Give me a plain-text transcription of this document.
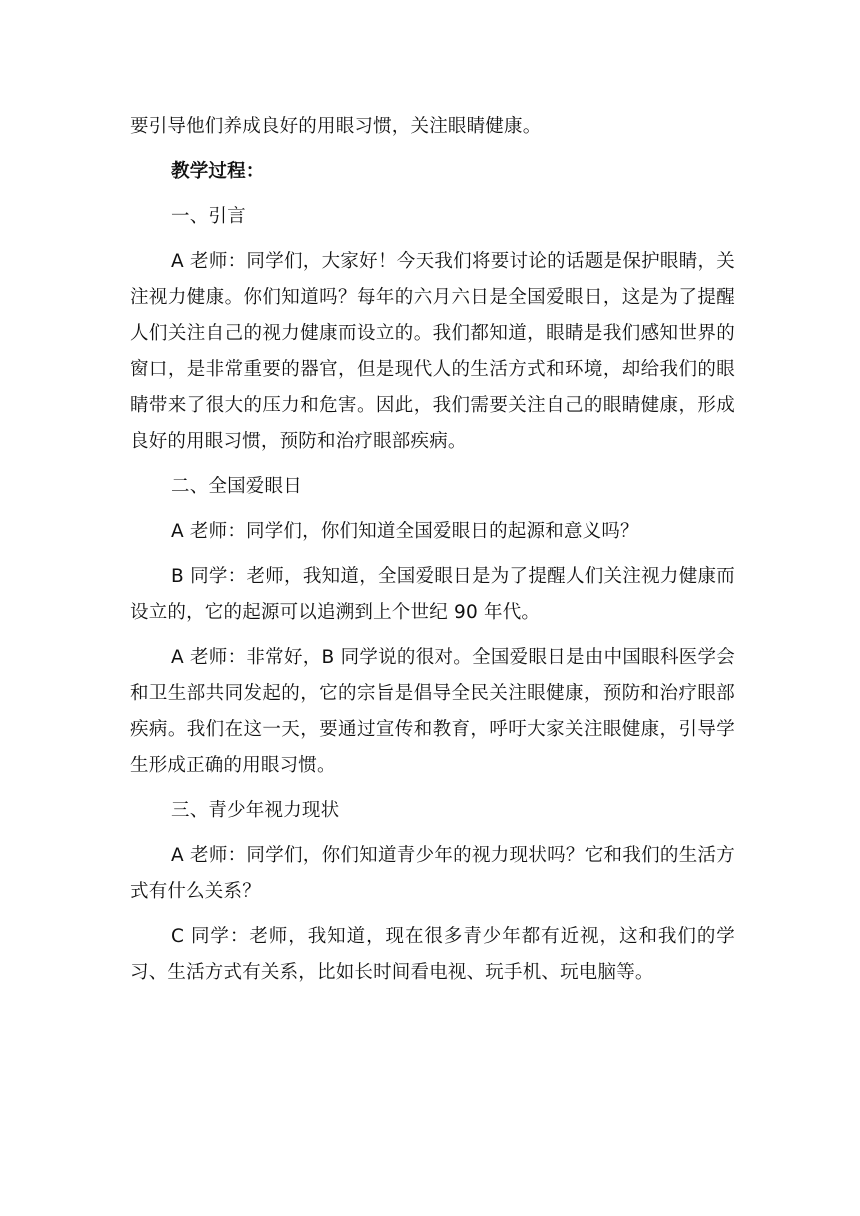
要引导他们养成良好的用眼习惯，关注眼睛健康。

教学过程：

一、引言

A 老师：同学们，大家好！今天我们将要讨论的话题是保护眼睛，关注视力健康。你们知道吗？每年的六月六日是全国爱眼日，这是为了提醒人们关注自己的视力健康而设立的。我们都知道，眼睛是我们感知世界的窗口，是非常重要的器官，但是现代人的生活方式和环境，却给我们的眼睛带来了很大的压力和危害。因此，我们需要关注自己的眼睛健康，形成良好的用眼习惯，预防和治疗眼部疾病。

二、全国爱眼日

A 老师：同学们，你们知道全国爱眼日的起源和意义吗？

B 同学：老师，我知道，全国爱眼日是为了提醒人们关注视力健康而设立的，它的起源可以追溯到上个世纪 90 年代。

A 老师：非常好，B 同学说的很对。全国爱眼日是由中国眼科医学会和卫生部共同发起的，它的宗旨是倡导全民关注眼健康，预防和治疗眼部疾病。我们在这一天，要通过宣传和教育，呼吁大家关注眼健康，引导学生形成正确的用眼习惯。

三、青少年视力现状

A 老师：同学们，你们知道青少年的视力现状吗？它和我们的生活方式有什么关系？

C 同学：老师，我知道，现在很多青少年都有近视，这和我们的学习、生活方式有关系，比如长时间看电视、玩手机、玩电脑等。
